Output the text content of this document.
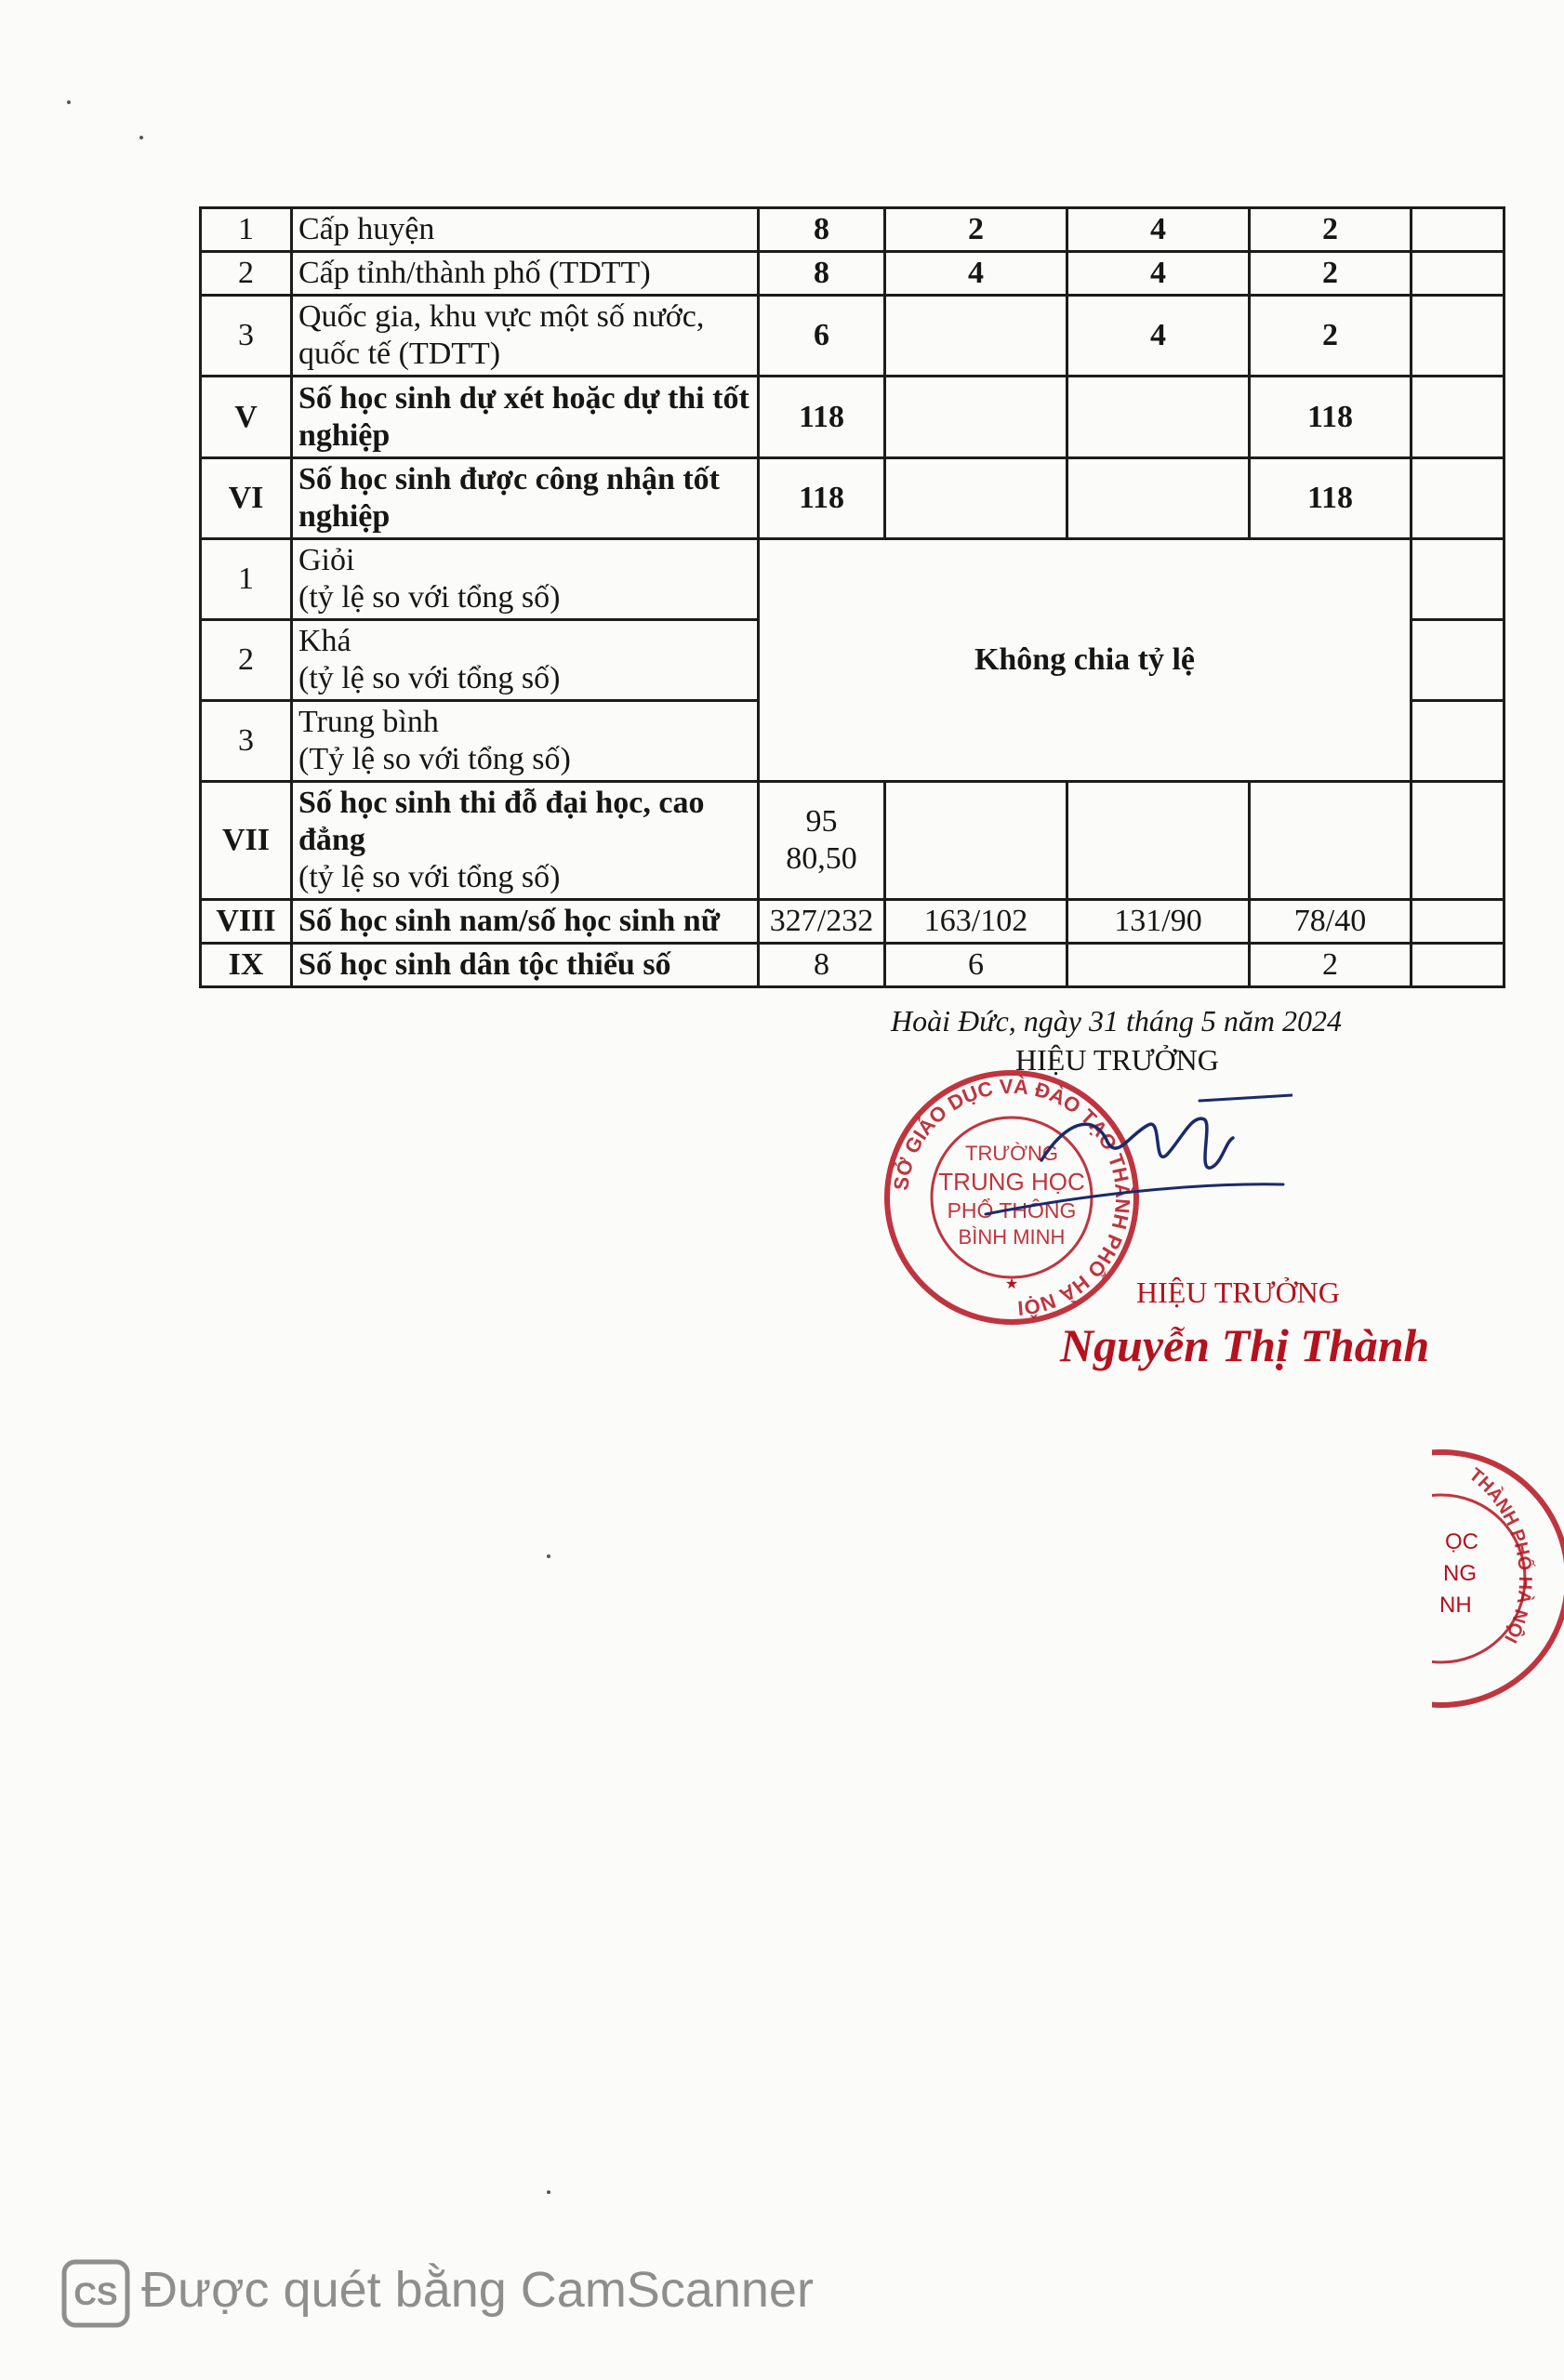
1	Cấp huyện	8	2	4	2	
2	Cấp tỉnh/thành phố (TDTT)	8	4	4	2	
3	Quốc gia, khu vực một số nước,
quốc tế (TDTT)	6		4	2	
V	Số học sinh dự xét hoặc dự thi tốt
nghiệp	118			118	
VI	Số học sinh được công nhận tốt
nghiệp	118			118	
1	Giỏi
(tỷ lệ so với tổng số)	Không chia tỷ lệ				
2	Khá
(tỷ lệ so với tổng số)					
3	Trung bình
(Tỷ lệ so với tổng số)					
VII	Số học sinh thi đỗ đại học, cao
đẳng
(tỷ lệ so với tổng số)	95
80,50				
VIII	Số học sinh nam/số học sinh nữ	327/232	163/102	131/90	78/40	
IX	Số học sinh dân tộc thiểu số	8	6		2	
Hoài Đức, ngày 31 tháng 5 năm 2024
HIỆU TRƯỞNG
SỞ GIÁO DỤC VÀ ĐÀO TẠO THÀNH PHỐ HÀ NỘI
TRƯỜNG
TRUNG HỌC
PHỔ THÔNG
BÌNH MINH
★	HIỆU TRƯỞNG
Nguyễn Thị Thành
THÀNH PHỐ HÀ NỘI
ỌC
NG
NH
CS Được quét bằng CamScanner
